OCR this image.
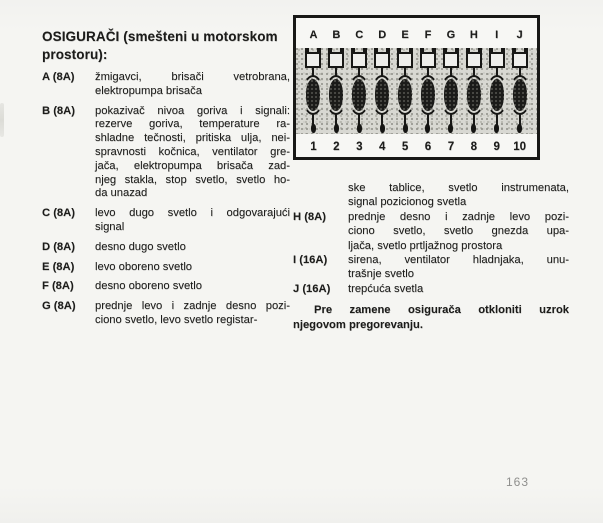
OSIGURAČI (smešteni u motorskom
prostoru):
A (8A)	žmigavci, brisači vetrobrana,
elektropumpa brisača
B (8A)	pokazivač nivoa goriva i signali:
rezerve goriva, temperature ra-
shladne tečnosti, pritiska ulja, nei-
spravnosti kočnica, ventilator gre-
jača, elektropumpa brisača zad-
njeg stakla, stop svetlo, svetlo ho-
da unazad
C (8A)	levo dugo svetlo i odgovarajući
signal
D (8A)	desno dugo svetlo
E (8A)	levo oboreno svetlo
F (8A)	desno oboreno svetlo
G (8A)	prednje levo i zadnje desno pozi-
ciono svetlo, levo svetlo registar-
A	B	C	D	E	F	G	H	I	J
1	2	3	4	5	6	7	8	9	10
ske tablice, svetlo instrumenata,
signal pozicionog svetla
H (8A)	prednje desno i zadnje levo pozi-
ciono svetlo, svetlo gnezda upa-
ljača, svetlo prtljažnog prostora
I (16A)	sirena, ventilator hladnjaka, unu-
trašnje svetlo
J (16A)	trepćuća svetla

Pre zamene osigurača otkloniti uzrok
njegovom pregorevanju.

163
